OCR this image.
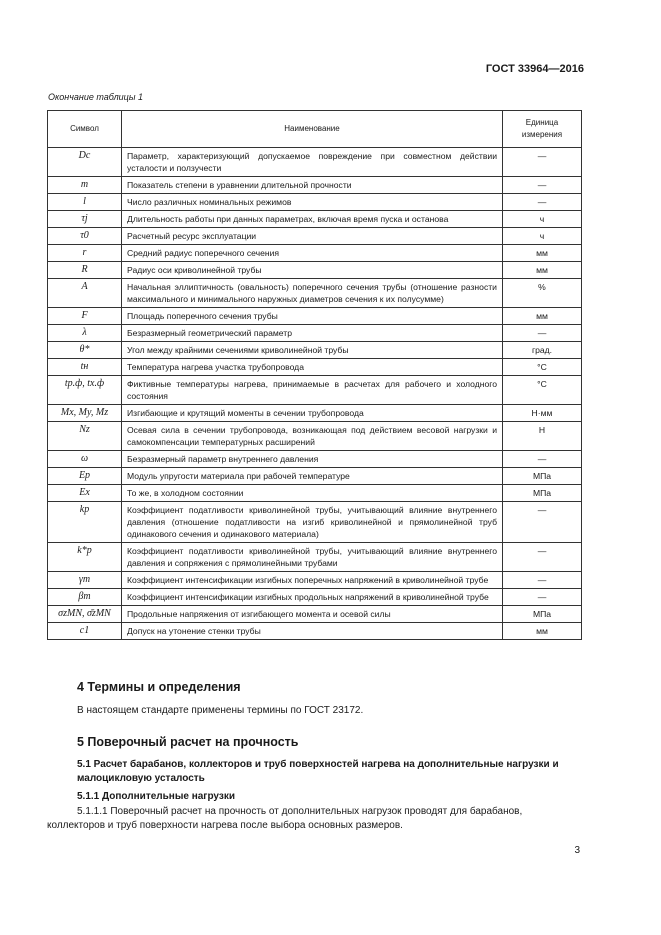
ГОСТ 33964—2016
Окончание таблицы 1
Символ	Наименование	Единица измерения
Dc	Параметр, характеризующий допускаемое повреждение при совместном действии усталости и ползучести	—
m	Показатель степени в уравнении длительной прочности	—
l	Число различных номинальных режимов	—
τj	Длительность работы при данных параметрах, включая время пуска и останова	ч
τ0	Расчетный ресурс эксплуатации	ч
r	Средний радиус поперечного сечения	мм
R	Радиус оси криволинейной трубы	мм
A	Начальная эллиптичность (овальность) поперечного сечения трубы (отношение разности максимального и минимального наружных диаметров сечения к их полусумме)	%
F	Площадь поперечного сечения трубы	мм
λ	Безразмерный геометрический параметр	—
θ*	Угол между крайними сечениями криволинейной трубы	град.
tн	Температура нагрева участка трубопровода	°С
tр.ф, tх.ф	Фиктивные температуры нагрева, принимаемые в расчетах для рабочего и холодного состояния	°С
Mx, My, Mz	Изгибающие и крутящий моменты в сечении трубопровода	Н·мм
Nz	Осевая сила в сечении трубопровода, возникающая под действием весовой нагрузки и самокомпенсации температурных расширений	Н
ω	Безразмерный параметр внутреннего давления	—
Ep	Модуль упругости материала при рабочей температуре	МПа
Ex	То же, в холодном состоянии	МПа
kp	Коэффициент податливости криволинейной трубы, учитывающий влияние внутреннего давления (отношение податливости на изгиб криволинейной и прямолинейной труб одинакового сечения и одинакового материала)	—
k*p	Коэффициент податливости криволинейной трубы, учитывающий влияние внутреннего давления и сопряжения с прямолинейными трубами	—
γm	Коэффициент интенсификации изгибных поперечных напряжений в криволинейной трубе	—
βm	Коэффициент интенсификации изгибных продольных напряжений в криволинейной трубе	—
σzMN, σ̄zMN	Продольные напряжения от изгибающего момента и осевой силы	МПа
c1	Допуск на утонение стенки трубы	мм
4 Термины и определения
В настоящем стандарте применены термины по ГОСТ 23172.
5 Поверочный расчет на прочность
5.1 Расчет барабанов, коллекторов и труб поверхностей нагрева на дополнительные нагрузки и малоцикловую усталость
5.1.1 Дополнительные нагрузки
5.1.1.1 Поверочный расчет на прочность от дополнительных нагрузок проводят для барабанов,
коллекторов и труб поверхности нагрева после выбора основных размеров.
3
